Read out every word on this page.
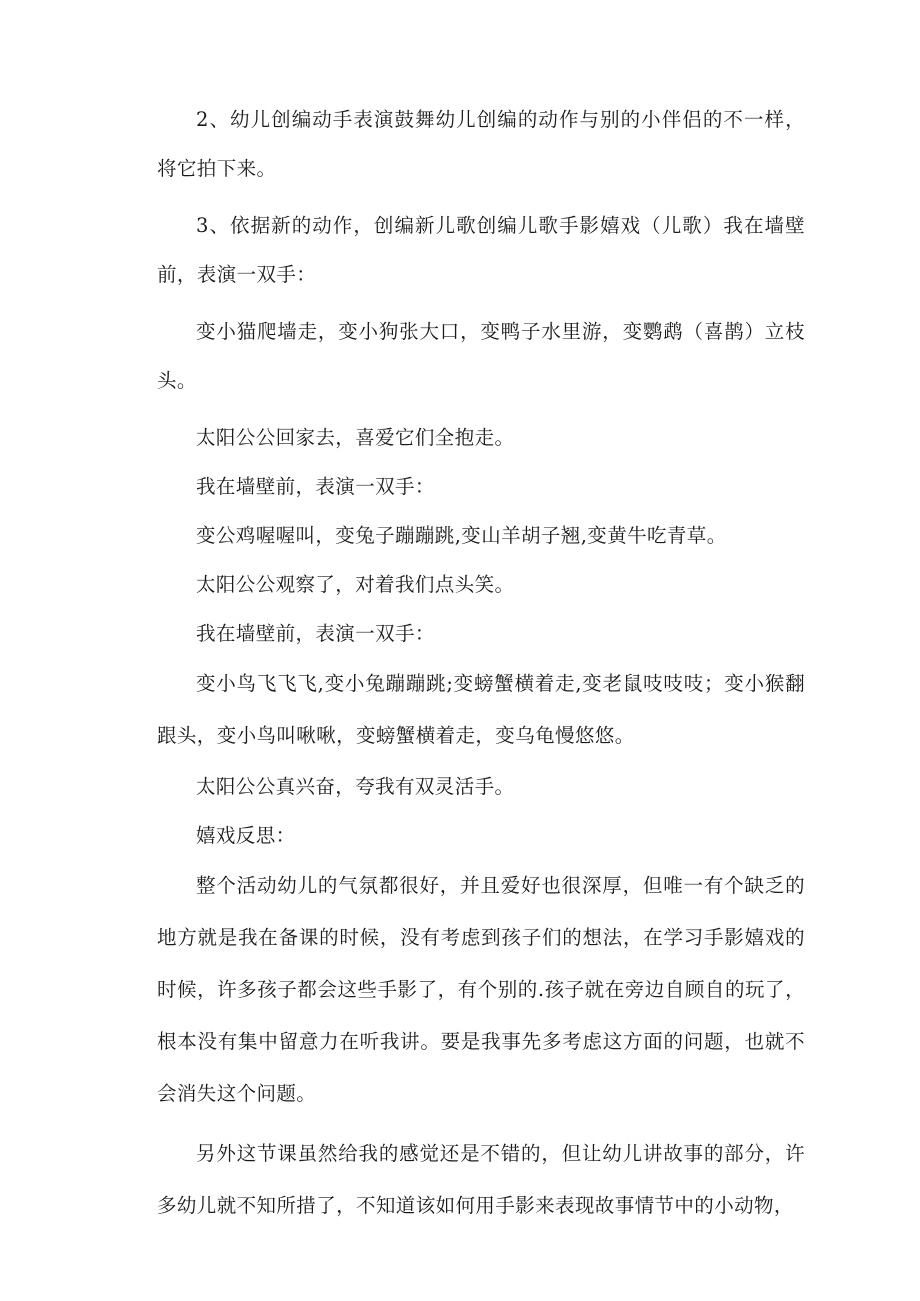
2、幼儿创编动手表演鼓舞幼儿创编的动作与别的小伴侣的不一样，将它拍下来。

3、依据新的动作，创编新儿歌创编儿歌手影嬉戏（儿歌）我在墙壁前，表演一双手：

变小猫爬墙走，变小狗张大口，变鸭子水里游，变鹦鹉（喜鹊）立枝头。

太阳公公回家去，喜爱它们全抱走。

我在墙壁前，表演一双手：

变公鸡喔喔叫，变兔子蹦蹦跳,变山羊胡子翘,变黄牛吃青草。

太阳公公观察了，对着我们点头笑。

我在墙壁前，表演一双手：

变小鸟飞飞飞,变小兔蹦蹦跳;变螃蟹横着走,变老鼠吱吱吱；变小猴翻跟头，变小鸟叫啾啾，变螃蟹横着走，变乌龟慢悠悠。

太阳公公真兴奋，夸我有双灵活手。

嬉戏反思：

整个活动幼儿的气氛都很好，并且爱好也很深厚，但唯一有个缺乏的地方就是我在备课的时候，没有考虑到孩子们的想法，在学习手影嬉戏的时候，许多孩子都会这些手影了，有个别的.孩子就在旁边自顾自的玩了，根本没有集中留意力在听我讲。要是我事先多考虑这方面的问题，也就不会消失这个问题。

另外这节课虽然给我的感觉还是不错的，但让幼儿讲故事的部分，许多幼儿就不知所措了，不知道该如何用手影来表现故事情节中的小动物，
